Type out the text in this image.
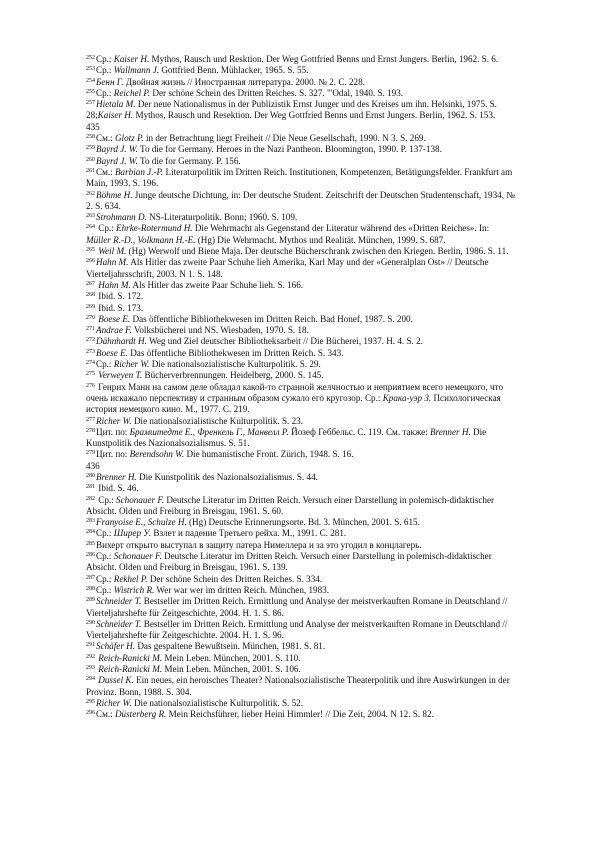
$^{252}$Ср.: Kaiser H. Mythos, Rausch und Resktion. Der Weg Gottfried Benns und Ernst Jungers. Berlin, 1962. S. 6.
$^{253}$Ср.: Wallmann J. Gottfried Benn. Mühlacker, 1965. S. 55.
$^{254}$Бенн Г. Двойная жизнь // Иностранная литература. 2000. № 2. С. 228.
$^{255}$Ср.: Reichel P. Der schöne Schein des Dritten Reiches. S. 327. "'Odal, 1940. S. 193.
$^{257}$Hietala M. Der neue Nationalismus in der Publizistik Ernst Junger und des Kreises um ihn. Helsinki, 1975. S. 28;Kaiser H. Mythos, Rausch und Resektion. Der Weg Gottfried Benns und Ernst Jungers. Berlin, 1962. S. 153.
435
$^{258}$См.: Glotz P. in der Betrachtung liegt Freiheit // Die Neue Gesellschaft, 1990. N 3. S. 269.
$^{259}$Bayrd J. W. To die for Germany. Heroes in the Nazi Pantheon. Bloomington, 1990. P. 137-138.
$^{260}$Bayrd J. W. To die for Germany. P. 156.
$^{261}$См.: Barbian J.-P. Literaturpolitik im Dritten Reich. Institutionen, Kompetenzen, Betätigungsfelder. Frankfurt am Main, 1993. S. 196.
$^{262}$Böhme H. Junge deutsche Dichtung, in: Der deutsche Student. Zeitschrift der Deutschen Studentenschaft, 1934, № 2. S. 634.
$^{263}$Strohmann D. NS-Literaturpolitik. Bonn; 1960. S. 109.
$^{264}$ Ср.: Ehrke-Rotermund H. Die Wehrmacht als Gegenstand der Literatur während des «Dritten Reiches». In: Müller R.-D., Volkmann H.-E. (Hg) Die Wehrmacht. Mythos und Realität. München, 1999. S. 687.
$^{265}$ Weil M. (Hg) Werwolf und Biene Maja. Der deutsche Bücherschrank zwischen den Kriegen. Berlin, 1986. S. 11.
$^{266}$Hahn M. Als Hitler das zweite Paar Schuhe lieh Amerika, Karl May und der «Generalplan Ost» // Deutsche Vierteljahrsschrift, 2003. N 1. S. 148.
$^{267}$ Hahn M. Als Hitler das zweite Paar Schuhe lieh. S. 166.
$^{268}$ Ibid. S. 172.
$^{269}$ Ibid. S. 173.
$^{270}$ Boese E. Das öffentliche Bibliothekwesen im Dritten Reich. Bad Honef, 1987. S. 200.
$^{271}$Andrae F. Volksbücherei und NS. Wiesbaden, 1970. S. 18.
$^{272}$Dähnhardt H. Weg und Ziel deutscher Bibliotheksarbeit // Die Bücherei, 1937. H. 4. S. 2.
$^{273}$Boese E. Das öffentliche Bibliothekwesen im Dritten Reich. S. 343.
$^{274}$Ср.: Richer W. Die nationalsozialistische Kulturpolitik. S. 29.
$^{275}$ Verweyen T. Bücherverbrennungen. Heidelberg, 2000. S. 145.
$^{276}$ Генрих Манн на самом деле обладал какой-то странной желчностью и неприятием всего немецкого, что очень искажало перспективу и странным образом сужало его кругозор. Ср.: Крака-уэр З. Психологическая история немецкого кино. М., 1977. С. 219.
$^{277}$Richer W. Die nationalsozialistische Kulturpolitik. S. 23.
$^{278}$Цит. по: Брамштедте Е., Френкель Г., Манвелл Р. Йозеф Геббельс. С. 119. См. также: Brenner H. Die Kunstpolitik des Nazionalsozialismus. S. 51.
$^{279}$Цит. по: Berendsohn W. Die humanistische Front. Zürich, 1948. S. 16.
436
$^{280}$Brenner H. Die Kunstpolitik des Nazionalsozialismus. S. 44.
$^{281}$ Ibid. S. 46.
$^{282}$ Ср.: Schonauer F. Deutsche Literatur im Dritten Reich. Versuch einer Darstellung in polemisch-didaktischer Absicht. Olden und Freiburg in Breisgau, 1961. S. 60.
$^{283}$Franyoise E., Schulze H. (Hg) Deutsche Erinnerungsorte. Bd. 3. München, 2001. S. 615.
$^{284}$Ср.: Ширер У. Взлет и падение Третьего рейха. М., 1991. С. 281.
$^{285}$Вихерт открыто выступал в защиту патера Нимеллера и за это угодил в концлагерь.
$^{286}$Ср.: Schonauer F. Deutsche Literatur im Dritten Reich. Versuch einer Darstellung in polemisch-didaktischer Absicht. Olden und Freiburg in Breisgau, 1961. S. 139.
$^{287}$Ср.: Rekhel P. Der schöne Schein des Dritten Reiches. S. 334.
$^{288}$Ср.: Wistrich R. Wer war wer im dritten Reich. München, 1983.
$^{289}$Schneider T. Bestseller im Dritten Reich. Ermittlung und Analyse der meistverkauften Romane in Deutschland // Vierteljahrshefte für Zeitgeschichte, 2004. H. 1. S. 86.
$^{290}$Schneider T. Bestseller im Dritten Reich. Ermittlung und Analyse der meistverkauften Romane in Deutschland // Vierteljahrshefte für Zeitgeschichte. 2004. H. 1. S. 96.
$^{291}$Schäfer H. Das gespaltene Bewußtsein. München, 1981. S. 81.
$^{292}$ Reich-Ranicki M. Mein Leben. München, 2001. S. 110.
$^{293}$ Reich-Ranicki M. Mein Leben. München, 2001. S. 106.
$^{294}$ Dussel K. Ein neues, ein heroisches Theater? Nationalsozialistische Theaterpolitik und ihre Auswirkungen in der Provinz. Bonn, 1988. S. 304.
$^{295}$Richer W. Die nationalsozialistische Kulturpolitik. S. 52.
$^{296}$См.: Düsterberg R. Mein Reichsführer, lieber Heini Himmler! // Die Zeit, 2004. N 12. S. 82.
